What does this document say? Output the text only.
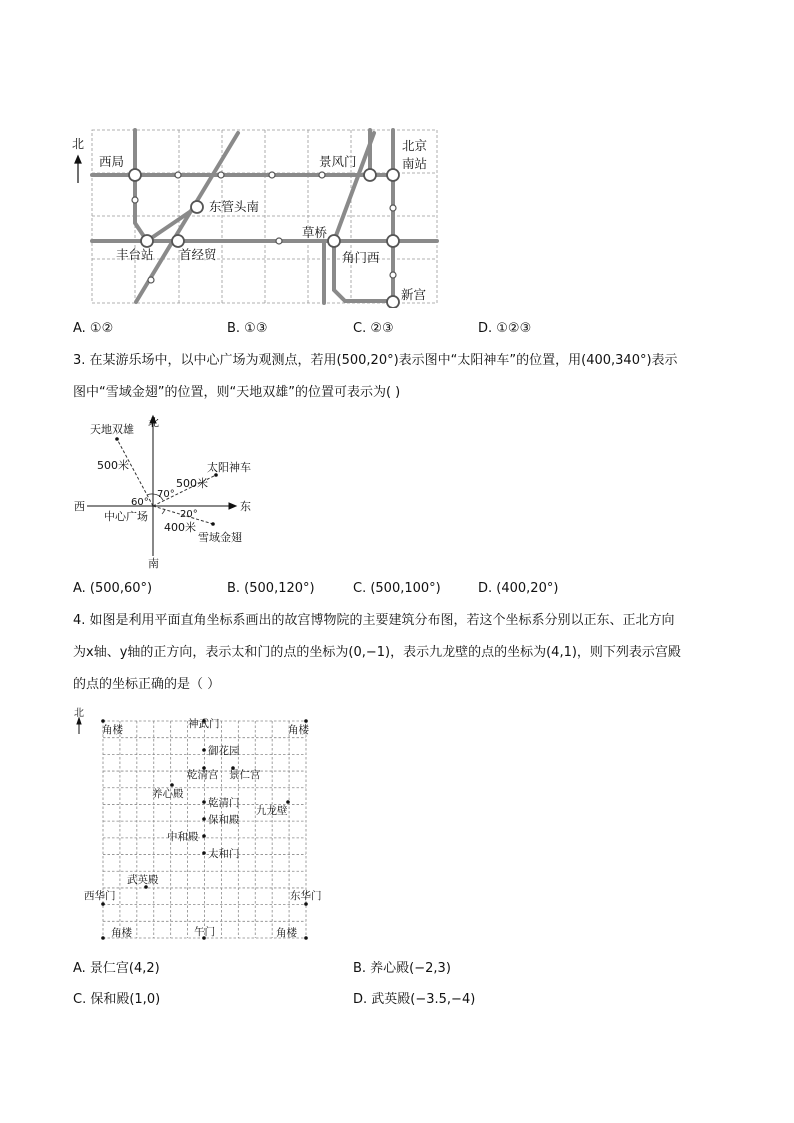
北
西局	景风门
北京
南站
东管头南
草桥
丰台站 首经贸	角门西
新宫
A. ①②	B. ①③	C. ②③	D. ①②③
3. 在某游乐场中，以中心广场为观测点，若用(500,20°)表示图中“太阳神车”的位置，用(400,340°)表示
图中“雪域金翅”的位置，则“天地双雄”的位置可表示为( )
北
南
东
西
中心广场
天地双雄
太阳神车
雪域金翅
500米
500米
400米
60°
70°
20°
A. (500,60°)	B. (500,120°)	C. (500,100°)	D. (400,20°)
4. 如图是利用平面直角坐标系画出的故宫博物院的主要建筑分布图，若这个坐标系分别以正东、正北方向
为x轴、y轴的正方向，表示太和门的点的坐标为(0,−1)，表示九龙壁的点的坐标为(4,1)，则下列表示宫殿
的点的坐标正确的是（ ）
北
角楼	神武门	角楼
御花园
乾清宫 景仁宫
养心殿
乾清门
九龙壁
保和殿
中和殿
太和门
武英殿
西华门	东华门
角楼	午门	角楼
A. 景仁宫(4,2)	B. 养心殿(−2,3)
C. 保和殿(1,0)	D. 武英殿(−3.5,−4)
